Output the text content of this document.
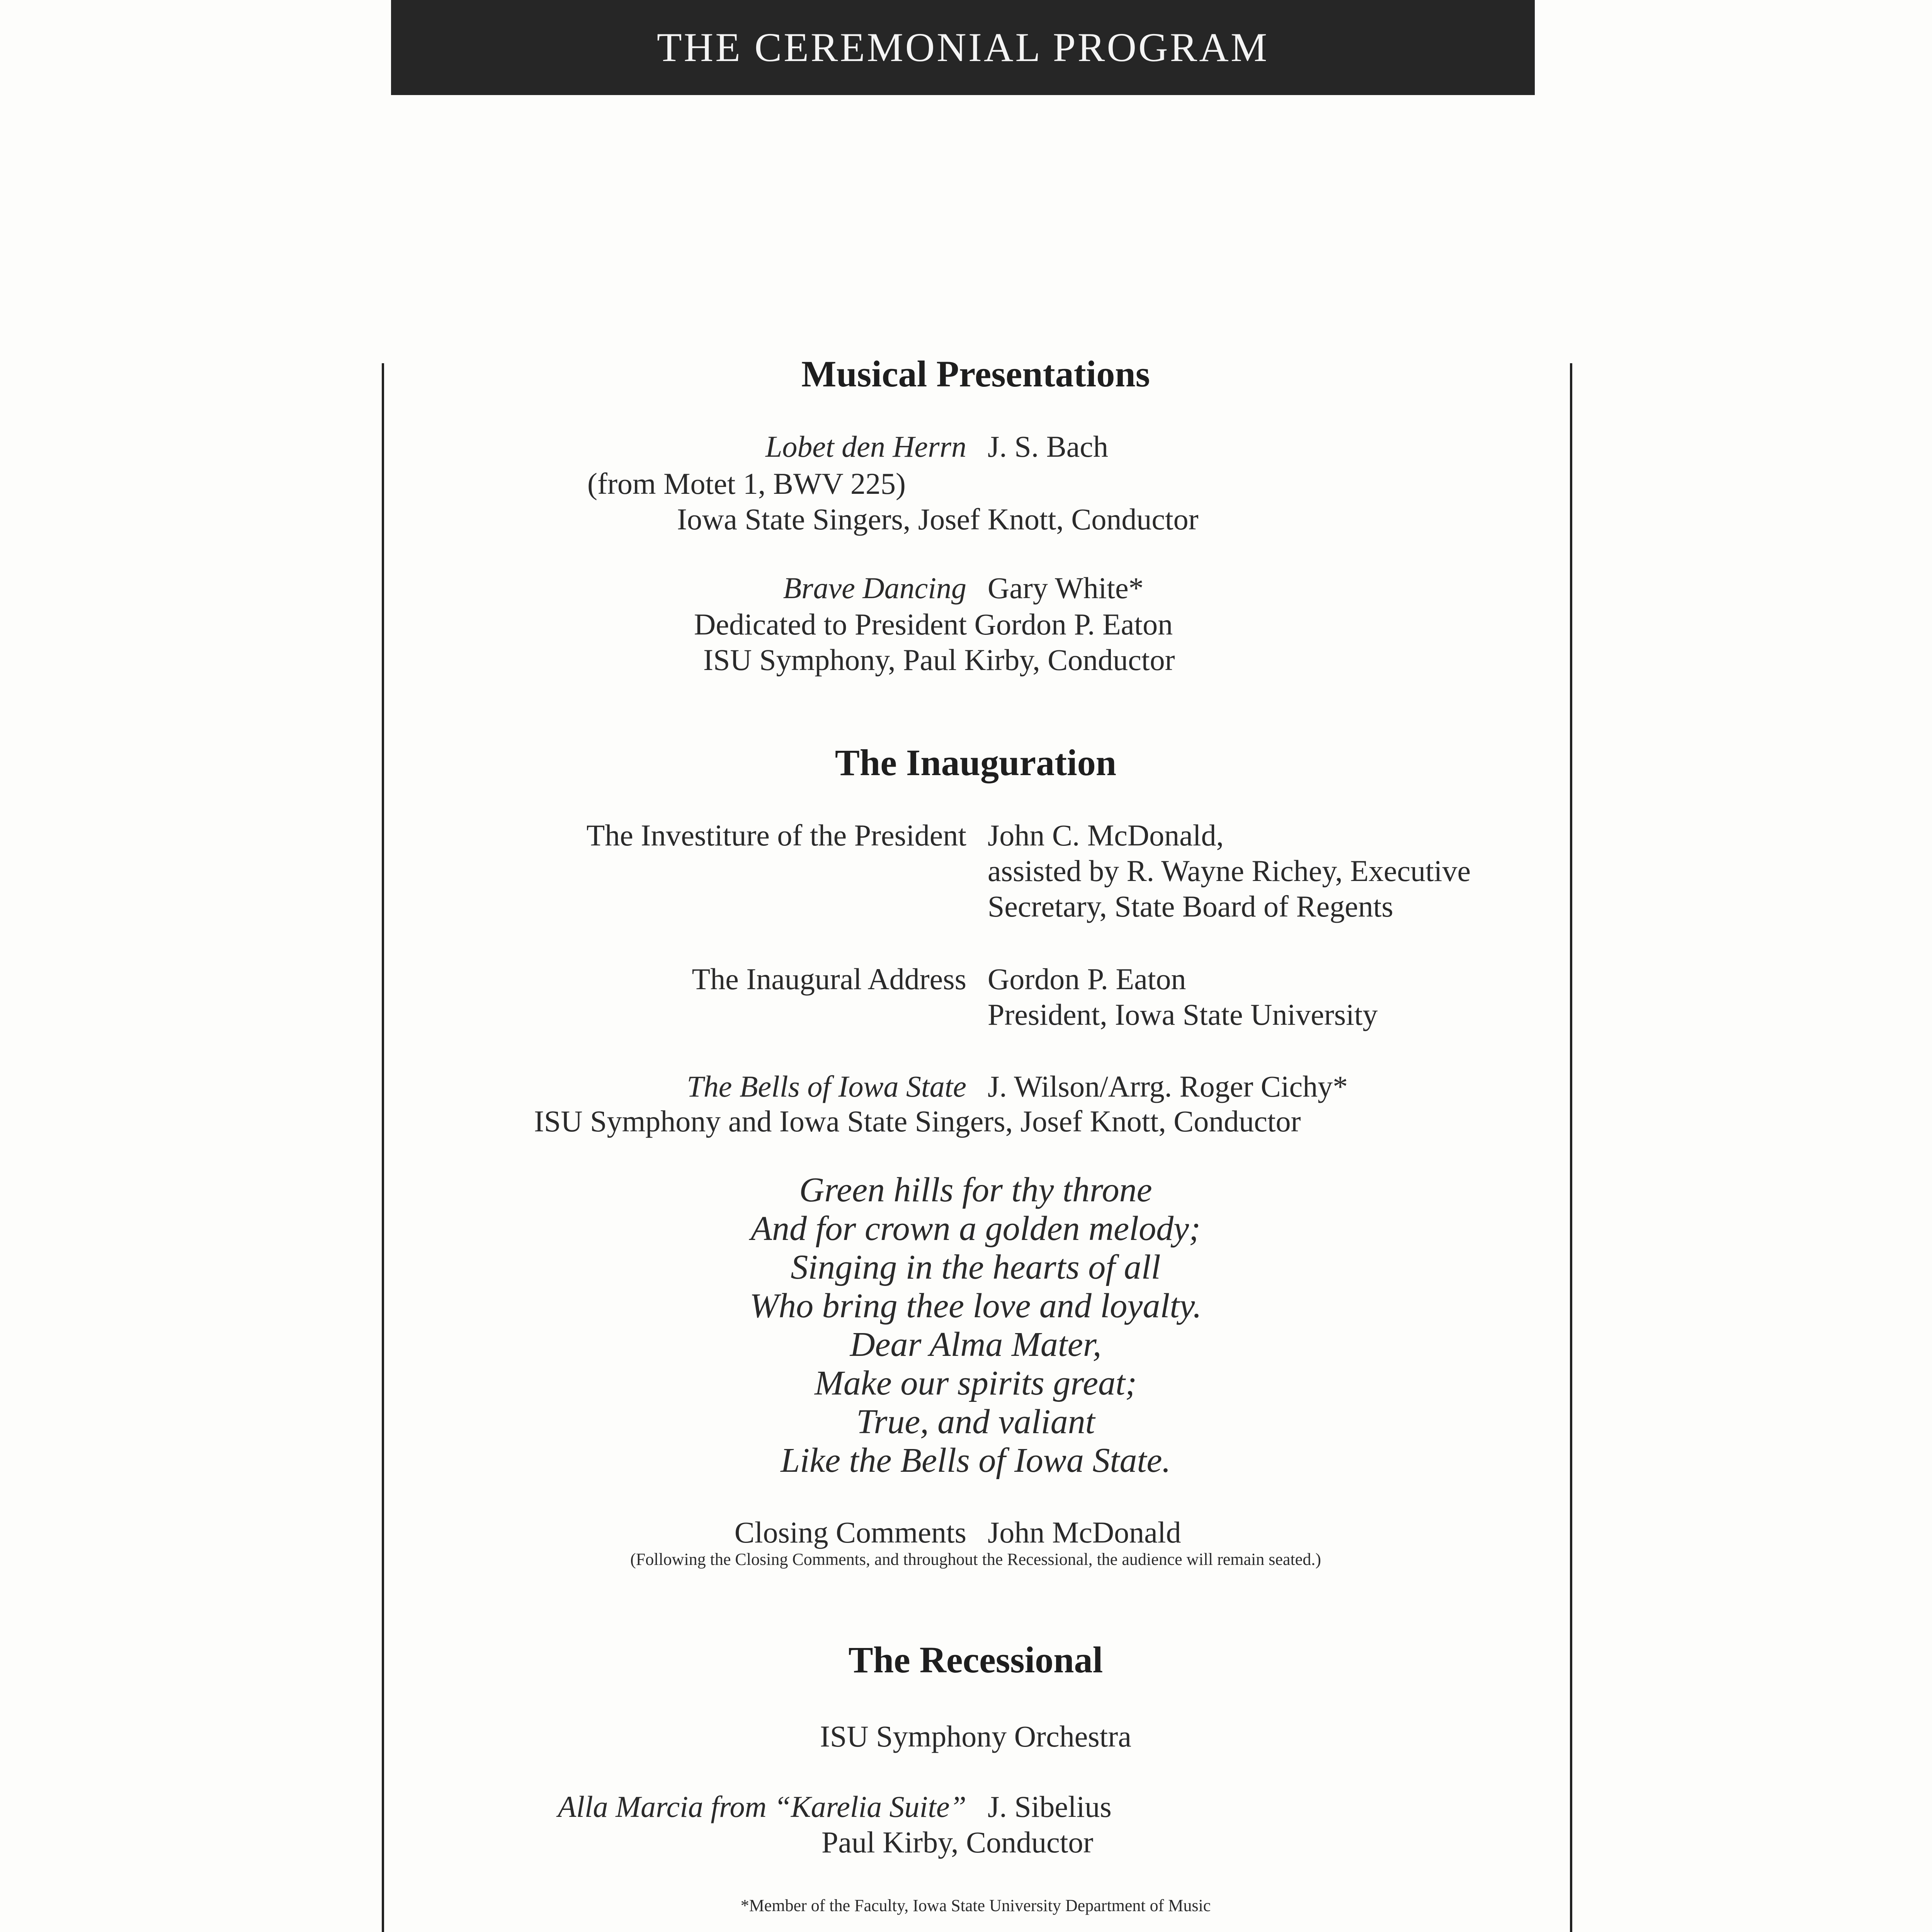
THE CEREMONIAL PROGRAM
Musical Presentations
Lobet den Herrn J. S. Bach
(from Motet 1, BWV 225)
Iowa State Singers, Josef Knott, Conductor
Brave Dancing Gary White*
Dedicated to President Gordon P. Eaton
ISU Symphony, Paul Kirby, Conductor
The Inauguration
The Investiture of the President John C. McDonald,
assisted by R. Wayne Richey, Executive
Secretary, State Board of Regents
The Inaugural Address Gordon P. Eaton
President, Iowa State University
The Bells of Iowa State J. Wilson/Arrg. Roger Cichy*
ISU Symphony and Iowa State Singers, Josef Knott, Conductor
Green hills for thy throne
And for crown a golden melody;
Singing in the hearts of all
Who bring thee love and loyalty.
Dear Alma Mater,
Make our spirits great;
True, and valiant
Like the Bells of Iowa State.
Closing Comments John McDonald
(Following the Closing Comments, and throughout the Recessional, the audience will remain seated.)
The Recessional
ISU Symphony Orchestra
Alla Marcia from “Karelia Suite” J. Sibelius
Paul Kirby, Conductor
*Member of the Faculty, Iowa State University Department of Music
